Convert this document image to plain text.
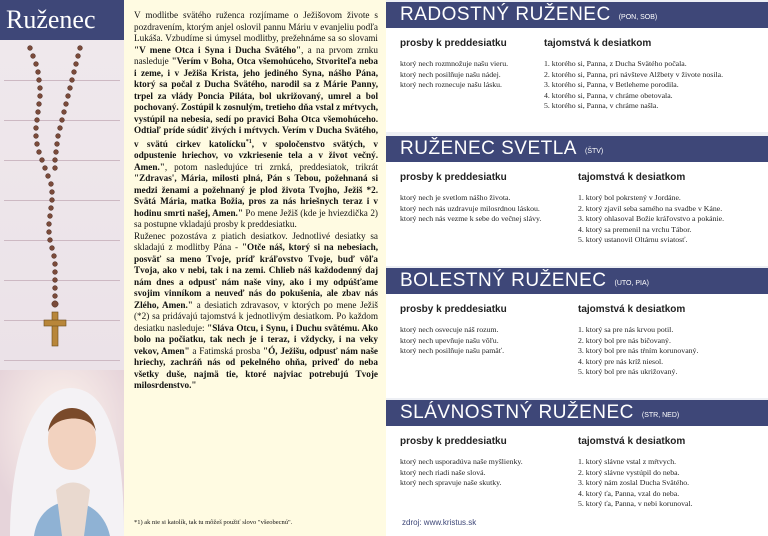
Ruženec	V modlitbe svätého ruženca rozjímame o Ježišovom živote s pozdravením, ktorým anjel oslovil pannu Máriu v evanjeliu podľa Lukáša. Vzbudíme si úmysel modlitby, prežehnáme sa so slovami "V mene Otca i Syna i Ducha Svätého", a na prvom zrnku nasleduje "Verím v Boha, Otca všemohúceho, Stvoriteľa neba i zeme, i v Ježiša Krista, jeho jediného Syna, nášho Pána, ktorý sa počal z Ducha Svätého, narodil sa z Márie Panny, trpel za vlády Poncia Piláta, bol ukrižovaný, umrel a bol pochovaný. Zostúpil k zosnulým, tretieho dňa vstal z mŕtvych, vystúpil na nebesia, sedí po pravici Boha Otca všemohúceho. Odtiaľ príde súdiť živých i mŕtvych. Verím v Ducha Svätého, v svätú cirkev katolícku$^{*1}$, v spoločenstvo svätých, v odpustenie hriechov, vo vzkriesenie tela a v život večný. Amen.", potom nasledujúce tri zrnká, preddesiatok, trikrát "Zdravas', Mária, milosti plná, Pán s Tebou, požehnaná si medzi ženami a požehnaný je plod života Tvojho, Ježiš *2. Svätá Mária, matka Božia, pros za nás hriešnych teraz i v hodinu smrti našej, Amen." Po mene Ježiš (kde je hviezdička 2) sa postupne vkladajú prosby k preddesiatku.

Ruženec pozostáva z piatich desiatkov. Jednotlivé desiatky sa skladajú z modlitby Pána - "Otče náš, ktorý si na nebesiach, posväť sa meno Tvoje, príď kráľovstvo Tvoje, buď vôľa Tvoja, ako v nebi, tak i na zemi. Chlieb náš každodenný daj nám dnes a odpusť nám naše viny, ako i my odpúšťame svojim vinníkom a neuveď nás do pokušenia, ale zbav nás Zlého, Amen." a desiatich zdravasov, v ktorých po mene Ježiš (*2) sa pridávajú tajomstvá k jednotlivým desiatkom. Po každom desiatku nasleduje: "Sláva Otcu, i Synu, i Duchu svätému. Ako bolo na počiatku, tak nech je i teraz, i vždycky, i na veky vekov, Amen" a Fatimská prosba "Ó, Ježišu, odpusť nám naše hriechy, zachráň nás od pekelného ohňa, priveď do neba všetky duše, najmä tie, ktoré najviac potrebujú Tvoje milosrdenstvo."

*1) ak nie si katolík, tak tu môžeš použiť slovo "všeobecnú".
RADOSTNÝ RUŽENEC (PON, SOB)
prosby k preddesiatku
ktorý nech rozmnožuje našu vieru.
ktorý nech posilňuje našu nádej.
ktorý nech roznecuje našu lásku.
tajomstvá k desiatkom
1. ktorého si, Panna, z Ducha Svätého počala.
2. ktorého si, Panna, pri návšteve Alžbety v živote nosila.
3. ktorého si, Panna, v Betleheme porodila.
4. ktorého si, Panna, v chráme obetovala.
5. ktorého si, Panna, v chráme našla.
RUŽENEC SVETLA (ŠTV)
prosby k preddesiatku
ktorý nech je svetlom nášho života.
ktorý nech nás uzdravuje milosrdnou láskou.
ktorý nech nás vezme k sebe do večnej slávy.
tajomstvá k desiatkom
1. ktorý bol pokrstený v Jordáne.
2. ktorý zjavil seba samého na svadbe v Káne.
3. ktorý ohlasoval Božie kráľovstvo a pokánie.
4. ktorý sa premenil na vrchu Tábor.
5. ktorý ustanovil Oltárnu sviatosť.
BOLESTNÝ RUŽENEC (UTO, PIA)
prosby k preddesiatku
ktorý nech osvecuje náš rozum.
ktorý nech upevňuje našu vôľu.
ktorý nech posilňuje našu pamäť.
tajomstvá k desiatkom
1. ktorý sa pre nás krvou potil.
2. ktorý bol pre nás bičovaný.
3. ktorý bol pre nás tŕním korunovaný.
4. ktorý pre nás kríž niesol.
5. ktorý bol pre nás ukrižovaný.
SLÁVNOSTNÝ RUŽENEC (STR, NED)
prosby k preddesiatku
ktorý nech usporadúva naše myšlienky.
ktorý nech riadi naše slová.
ktorý nech spravuje naše skutky.
tajomstvá k desiatkom
1. ktorý slávne vstal z mŕtvych.
2. ktorý slávne vystúpil do neba.
3. ktorý nám zoslal Ducha Svätého.
4. ktorý ťa, Panna, vzal do neba.
5. ktorý ťa, Panna, v nebi korunoval.
zdroj: www.kristus.sk
